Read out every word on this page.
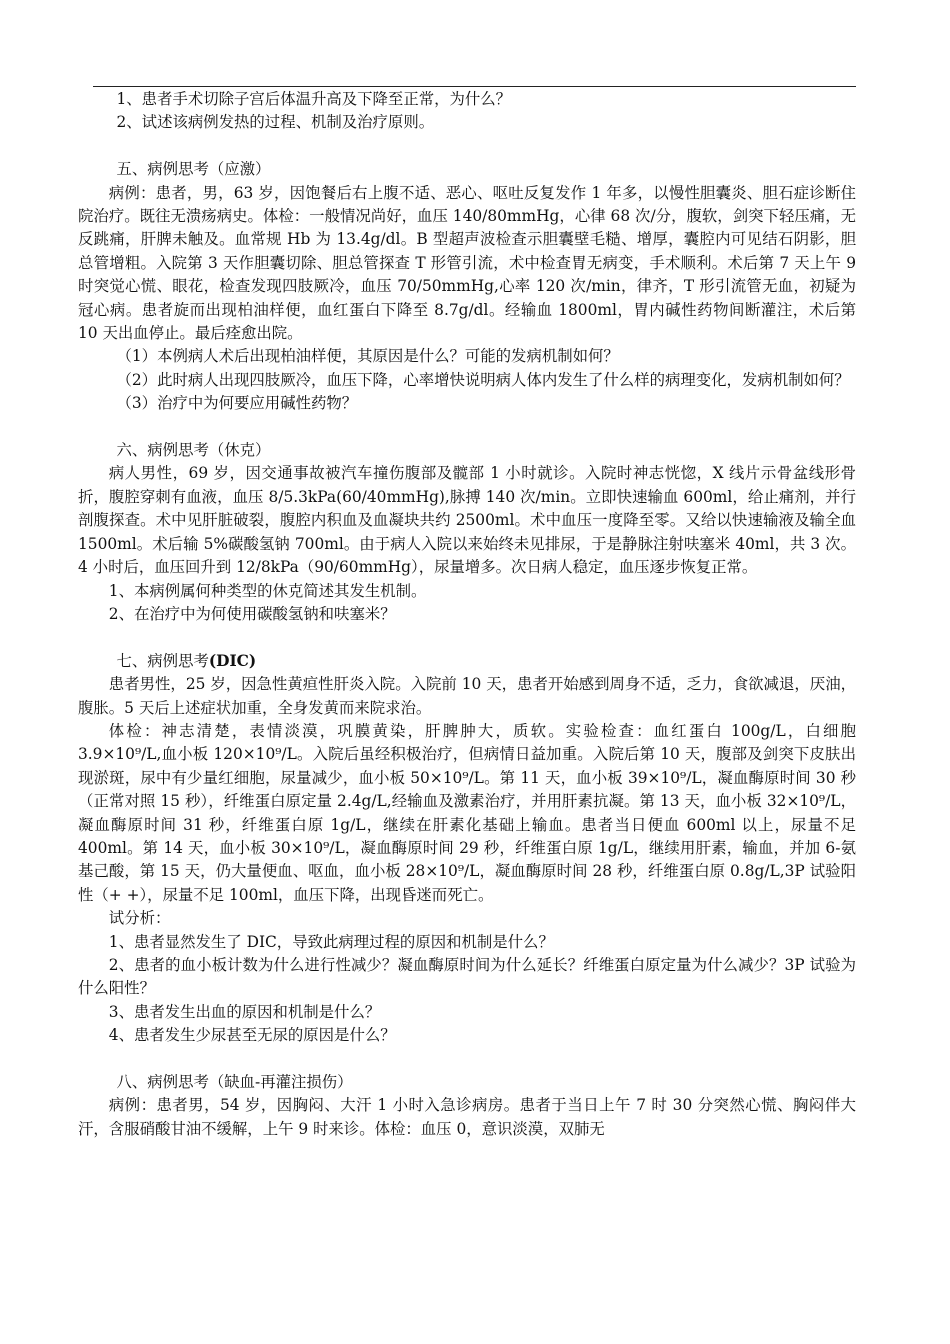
1、患者手术切除子宫后体温升高及下降至正常，为什么？

2、试述该病例发热的过程、机制及治疗原则。

五、病例思考（应激）

病例：患者，男，63 岁，因饱餐后右上腹不适、恶心、呕吐反复发作 1 年多，以慢性胆囊炎、胆石症诊断住院治疗。既往无溃疡病史。体检：一般情况尚好，血压 140/80mmHg，心律 68 次/分，腹软，剑突下轻压痛，无反跳痛，肝脾未触及。血常规 Hb 为 13.4g/dl。B 型超声波检查示胆囊壁毛糙、增厚，囊腔内可见结石阴影，胆总管增粗。入院第 3 天作胆囊切除、胆总管探查 T 形管引流，术中检查胃无病变，手术顺利。术后第 7 天上午 9 时突觉心慌、眼花，检查发现四肢厥冷，血压 70/50mmHg,心率 120 次/min，律齐，T 形引流管无血，初疑为冠心病。患者旋而出现柏油样便，血红蛋白下降至 8.7g/dl。经输血 1800ml，胃内碱性药物间断灌注，术后第 10 天出血停止。最后痊愈出院。

（1）本例病人术后出现柏油样便，其原因是什么？可能的发病机制如何？

（2）此时病人出现四肢厥冷，血压下降，心率增快说明病人体内发生了什么样的病理变化，发病机制如何？

（3）治疗中为何要应用碱性药物？

六、病例思考（休克）

病人男性，69 岁，因交通事故被汽车撞伤腹部及髋部 1 小时就诊。入院时神志恍惚，X 线片示骨盆线形骨折，腹腔穿刺有血液，血压 8/5.3kPa(60/40mmHg),脉搏 140 次/min。立即快速输血 600ml，给止痛剂，并行剖腹探查。术中见肝脏破裂，腹腔内积血及血凝块共约 2500ml。术中血压一度降至零。又给以快速输液及输全血 1500ml。术后输 5%碳酸氢钠 700ml。由于病人入院以来始终未见排尿，于是静脉注射呋塞米 40ml，共 3 次。4 小时后，血压回升到 12/8kPa（90/60mmHg），尿量增多。次日病人稳定，血压逐步恢复正常。

1、本病例属何种类型的休克简述其发生机制。

2、在治疗中为何使用碳酸氢钠和呋塞米？

七、病例思考(DIC)

患者男性，25 岁，因急性黄疸性肝炎入院。入院前 10 天，患者开始感到周身不适，乏力，食欲减退，厌油，腹胀。5 天后上述症状加重，全身发黄而来院求治。

体检：神志清楚，表情淡漠，巩膜黄染，肝脾肿大，质软。实验检查：血红蛋白 100g/L，白细胞 3.9×10⁹/L,血小板 120×10⁹/L。入院后虽经积极治疗，但病情日益加重。入院后第 10 天，腹部及剑突下皮肤出现淤斑，尿中有少量红细胞，尿量减少，血小板 50×10⁹/L。第 11 天，血小板 39×10⁹/L，凝血酶原时间 30 秒（正常对照 15 秒），纤维蛋白原定量 2.4g/L,经输血及激素治疗，并用肝素抗凝。第 13 天，血小板 32×10⁹/L，凝血酶原时间 31 秒，纤维蛋白原 1g/L，继续在肝素化基础上输血。患者当日便血 600ml 以上，尿量不足 400ml。第 14 天，血小板 30×10⁹/L，凝血酶原时间 29 秒，纤维蛋白原 1g/L，继续用肝素，输血，并加 6-氨基己酸，第 15 天，仍大量便血、呕血，血小板 28×10⁹/L，凝血酶原时间 28 秒，纤维蛋白原 0.8g/L,3P 试验阳性（+ +），尿量不足 100ml，血压下降，出现昏迷而死亡。

试分析：

1、患者显然发生了 DIC，导致此病理过程的原因和机制是什么？

2、患者的血小板计数为什么进行性减少？凝血酶原时间为什么延长？纤维蛋白原定量为什么减少？3P 试验为什么阳性？

3、患者发生出血的原因和机制是什么？

4、患者发生少尿甚至无尿的原因是什么？

八、病例思考（缺血-再灌注损伤）

病例：患者男，54 岁，因胸闷、大汗 1 小时入急诊病房。患者于当日上午 7 时 30 分突然心慌、胸闷伴大汗，含服硝酸甘油不缓解，上午 9 时来诊。体检：血压 0，意识淡漠，双肺无
